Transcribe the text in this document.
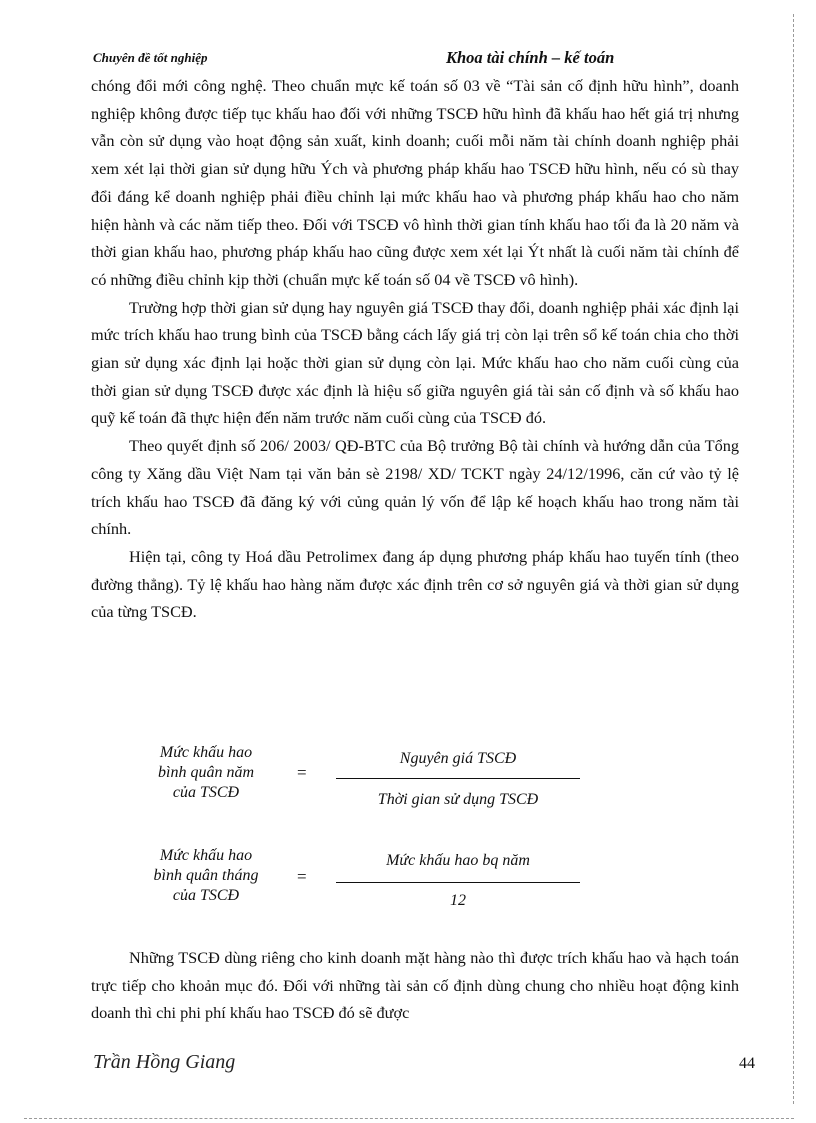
Chuyên đề tốt nghiệp	Khoa tài chính – kế toán

chóng đổi mới công nghệ. Theo chuẩn mực kế toán số 03 về “Tài sản cố định hữu hình”, doanh nghiệp không được tiếp tục khấu hao đối với những TSCĐ hữu hình đã khấu hao hết giá trị nhưng vẫn còn sử dụng vào hoạt động sản xuất, kinh doanh; cuối mỗi năm tài chính doanh nghiệp phải xem xét lại thời gian sử dụng hữu Ých và phương pháp khấu hao TSCĐ hữu hình, nếu có sù thay đổi đáng kể doanh nghiệp phải điều chỉnh lại mức khấu hao và phương pháp khấu hao cho năm hiện hành và các năm tiếp theo. Đối với TSCĐ vô hình thời gian tính khấu hao tối đa là 20 năm và thời gian khấu hao, phương pháp khấu hao cũng được xem xét lại Ýt nhất là cuối năm tài chính để có những điều chỉnh kịp thời (chuẩn mực kế toán số 04 về TSCĐ vô hình).

Trường hợp thời gian sử dụng hay nguyên giá TSCĐ thay đổi, doanh nghiệp phải xác định lại mức trích khấu hao trung bình của TSCĐ bằng cách lấy giá trị còn lại trên sổ kế toán chia cho thời gian sử dụng xác định lại hoặc thời gian sử dụng còn lại. Mức khấu hao cho năm cuối cùng của thời gian sử dụng TSCĐ được xác định là hiệu số giữa nguyên giá tài sản cố định và số khấu hao quỹ kế toán đã thực hiện đến năm trước năm cuối cùng của TSCĐ đó.

Theo quyết định số 206/ 2003/ QĐ-BTC của Bộ trưởng Bộ tài chính và hướng dẫn của Tổng công ty Xăng dầu Việt Nam tại văn bản sè 2198/ XD/ TCKT ngày 24/12/1996, căn cứ vào tỷ lệ trích khấu hao TSCĐ đã đăng ký với củng quản lý vốn để lập kế hoạch khấu hao trong năm tài chính.

Hiện tại, công ty Hoá dầu Petrolimex đang áp dụng phương pháp khấu hao tuyến tính (theo đường thẳng). Tỷ lệ khấu hao hàng năm được xác định trên cơ sở nguyên giá và thời gian sử dụng của từng TSCĐ.

Mức khấu hao
bình quân năm
của TSCĐ
=
Nguyên giá TSCĐ
Thời gian sử dụng TSCĐ
Mức khấu hao
bình quân tháng
của TSCĐ
=
Mức khấu hao bq năm
12

Những TSCĐ dùng riêng cho kinh doanh mặt hàng nào thì được trích khấu hao và hạch toán trực tiếp cho khoản mục đó. Đối với những tài sản cố định dùng chung cho nhiều hoạt động kinh doanh thì chi phi phí khấu hao TSCĐ đó sẽ được

Trần Hồng Giang	44
